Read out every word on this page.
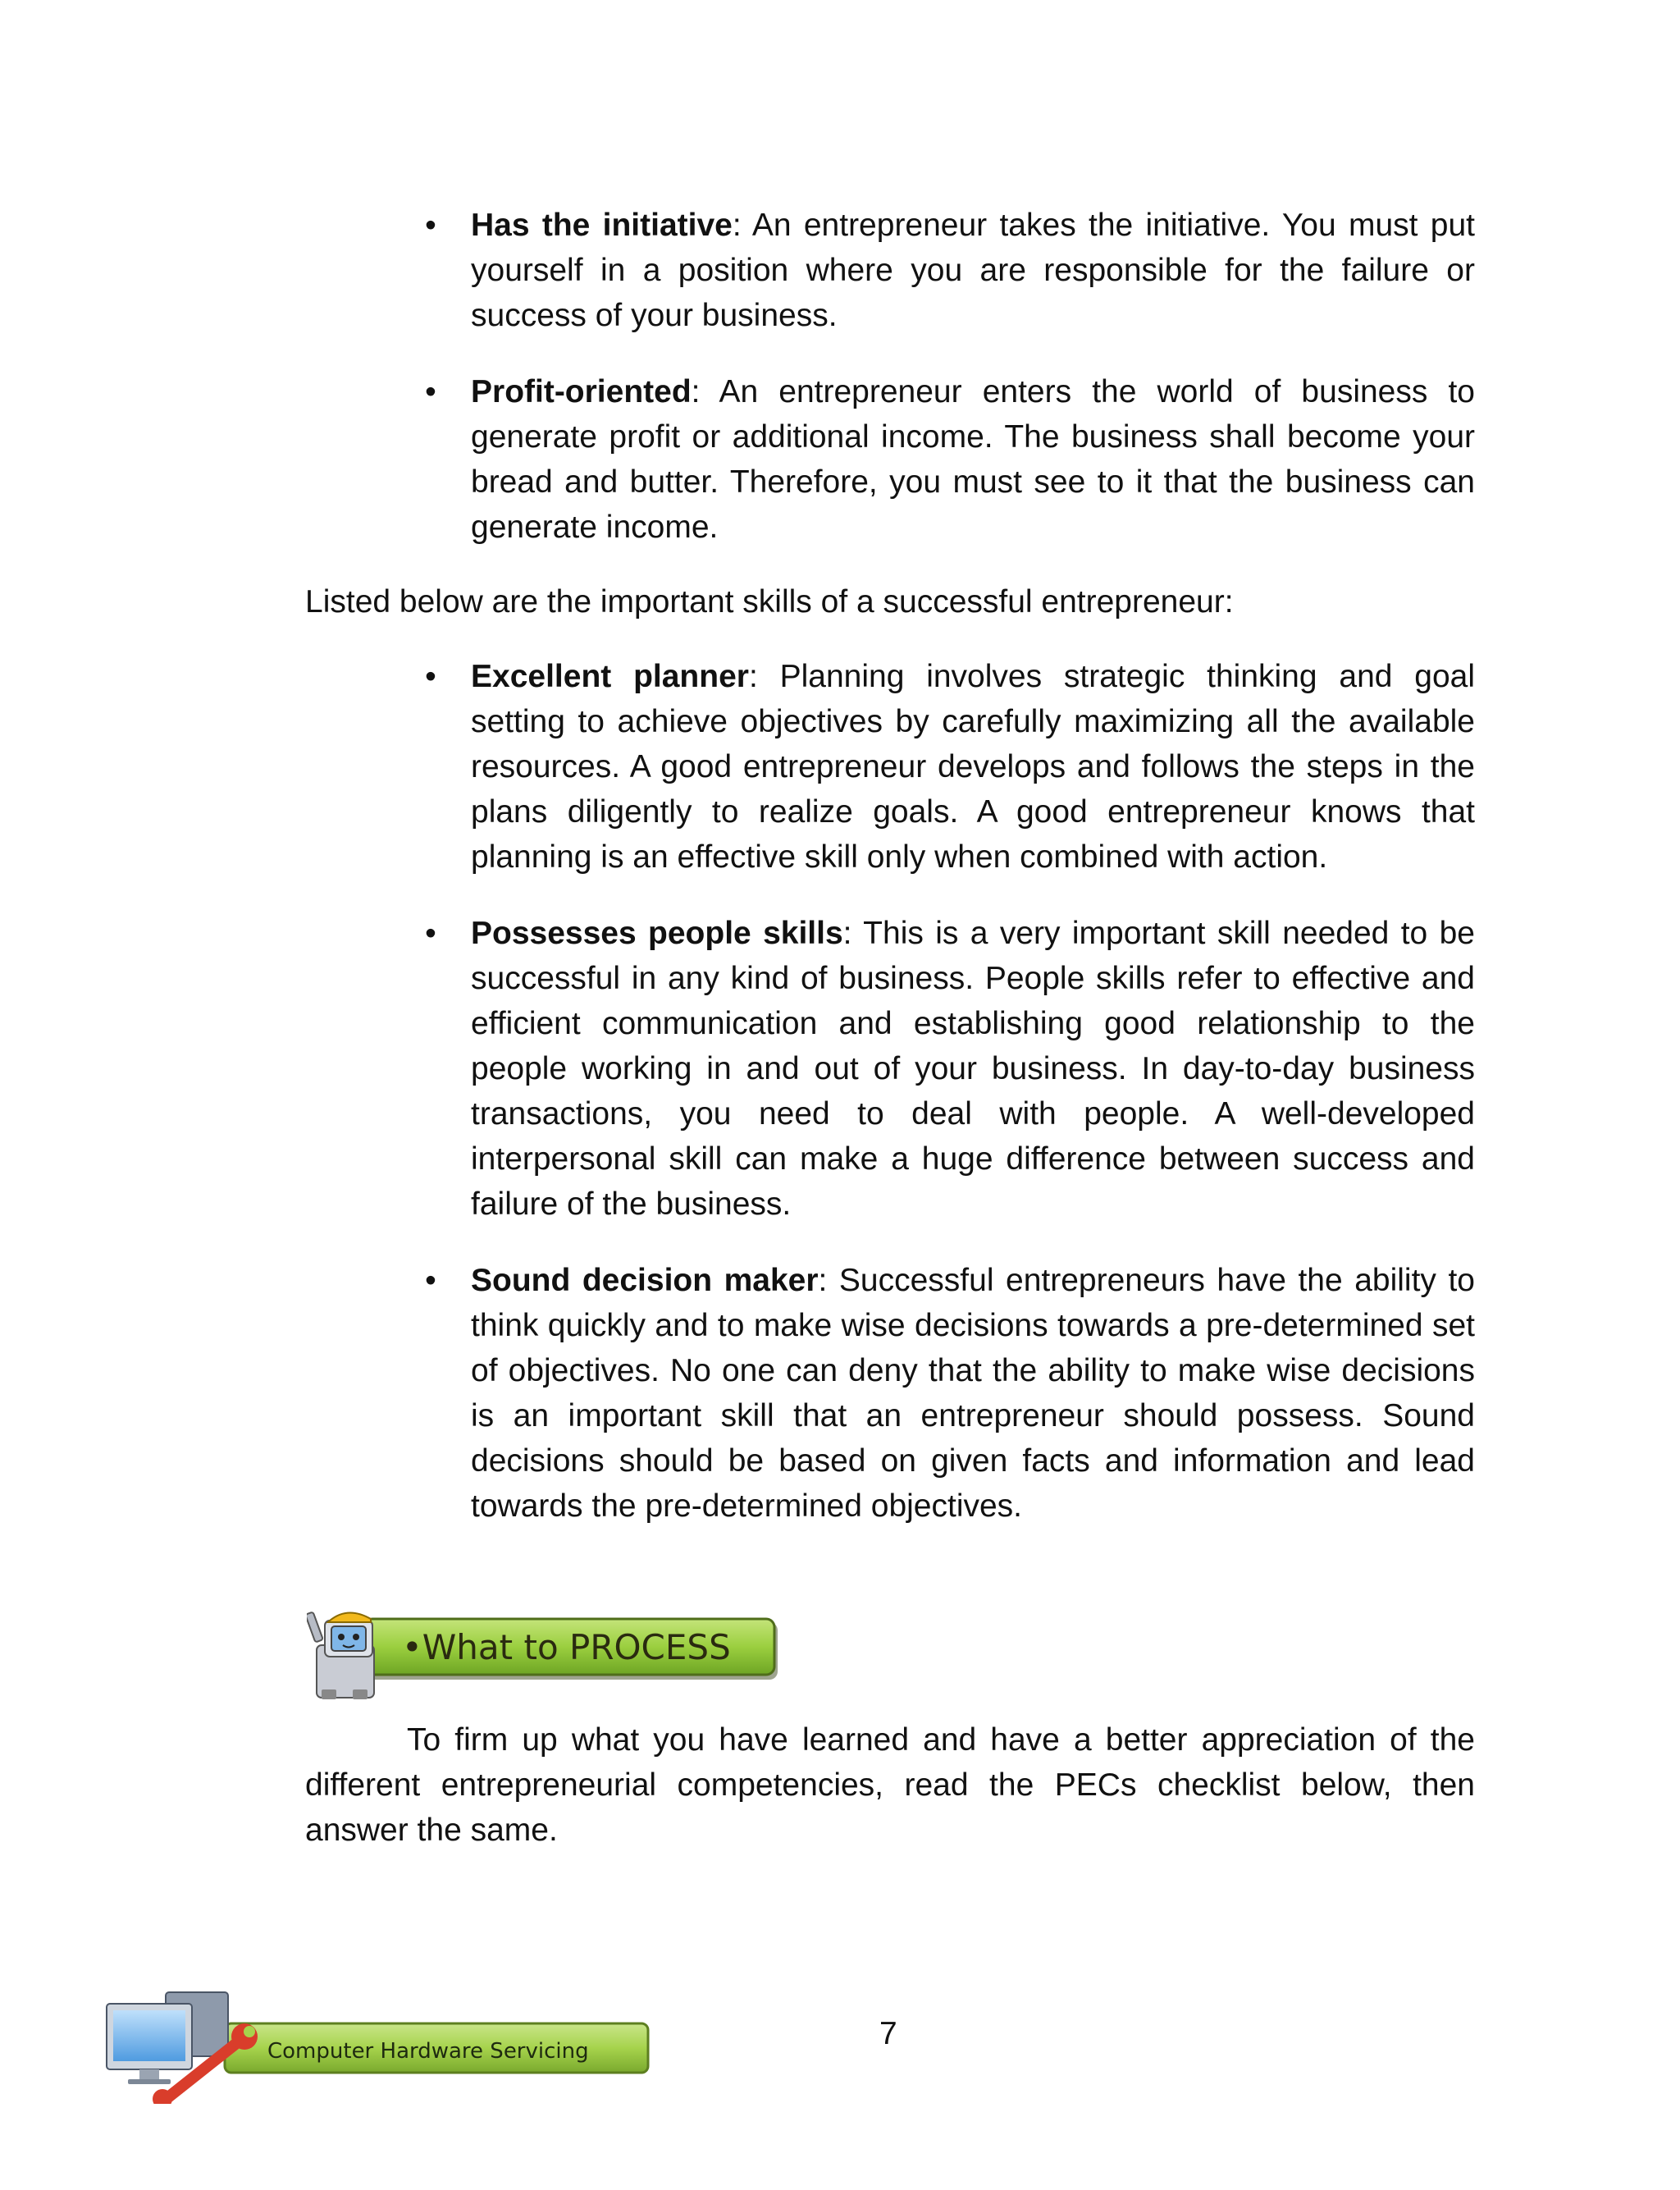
• Has the initiative: An entrepreneur takes the initiative. You must put yourself in a position where you are responsible for the failure or success of your business.
• Profit-oriented: An entrepreneur enters the world of business to generate profit or additional income. The business shall become your bread and butter. Therefore, you must see to it that the business can generate income.

Listed below are the important skills of a successful entrepreneur:

• Excellent planner: Planning involves strategic thinking and goal setting to achieve objectives by carefully maximizing all the available resources. A good entrepreneur develops and follows the steps in the plans diligently to realize goals. A good entrepreneur knows that planning is an effective skill only when combined with action.
• Possesses people skills: This is a very important skill needed to be successful in any kind of business. People skills refer to effective and efficient communication and establishing good relationship to the people working in and out of your business. In day-to-day business transactions, you need to deal with people. A well-developed interpersonal skill can make a huge difference between success and failure of the business.
• Sound decision maker: Successful entrepreneurs have the ability to think quickly and to make wise decisions towards a pre-determined set of objectives. No one can deny that the ability to make wise decisions is an important skill that an entrepreneur should possess. Sound decisions should be based on given facts and information and lead towards the pre-determined objectives.
•What to PROCESS

To firm up what you have learned and have a better appreciation of the different entrepreneurial competencies, read the PECs checklist below, then answer the same.

Computer Hardware Servicing	7
